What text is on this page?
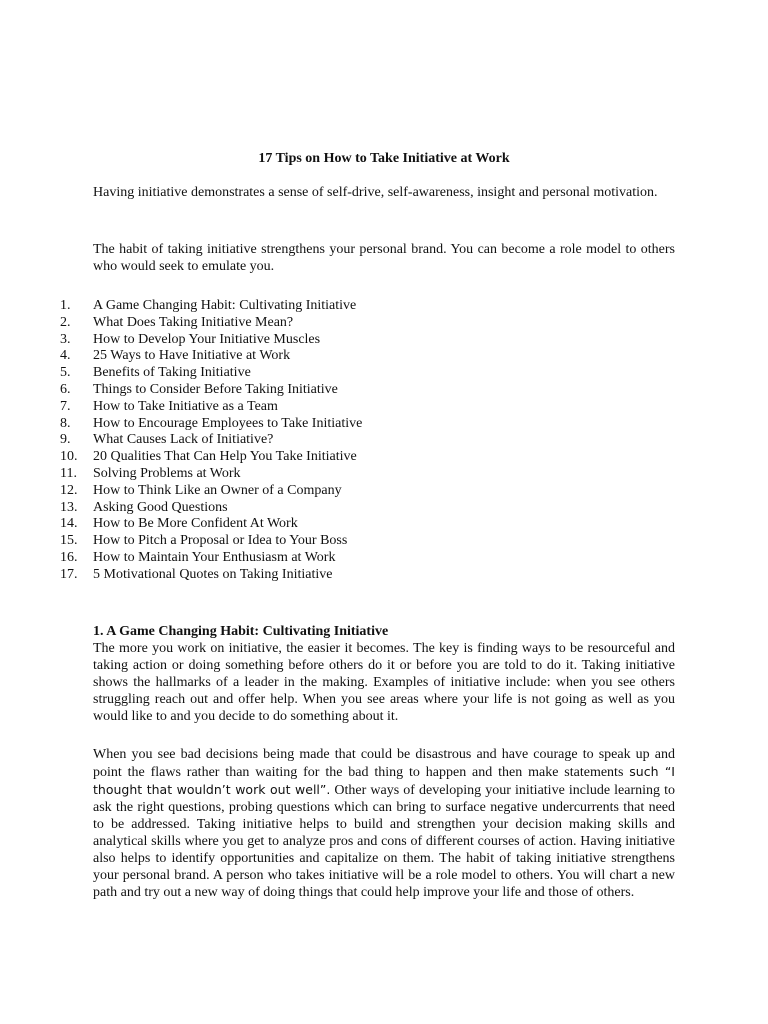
17 Tips on How to Take Initiative at Work

Having initiative demonstrates a sense of self-drive, self-awareness, insight and personal motivation.

The habit of taking initiative strengthens your personal brand. You can become a role model to others who would seek to emulate you.

1.	A Game Changing Habit: Cultivating Initiative
2.	What Does Taking Initiative Mean?
3.	How to Develop Your Initiative Muscles
4.	25 Ways to Have Initiative at Work
5.	Benefits of Taking Initiative
6.	Things to Consider Before Taking Initiative
7.	How to Take Initiative as a Team
8.	How to Encourage Employees to Take Initiative
9.	What Causes Lack of Initiative?
10.	20 Qualities That Can Help You Take Initiative
11.	Solving Problems at Work
12.	How to Think Like an Owner of a Company
13.	Asking Good Questions
14.	How to Be More Confident At Work
15.	How to Pitch a Proposal or Idea to Your Boss
16.	How to Maintain Your Enthusiasm at Work
17.	5 Motivational Quotes on Taking Initiative
1. A Game Changing Habit: Cultivating Initiative

The more you work on initiative, the easier it becomes. The key is finding ways to be resourceful and taking action or doing something before others do it or before you are told to do it. Taking initiative shows the hallmarks of a leader in the making. Examples of initiative include: when you see others struggling reach out and offer help. When you see areas where your life is not going as well as you would like to and you decide to do something about it.

When you see bad decisions being made that could be disastrous and have courage to speak up and point the flaws rather than waiting for the bad thing to happen and then make statements such “I thought that wouldn’t work out well”. Other ways of developing your initiative include learning to ask the right questions, probing questions which can bring to surface negative undercurrents that need to be addressed. Taking initiative helps to build and strengthen your decision making skills and analytical skills where you get to analyze pros and cons of different courses of action. Having initiative also helps to identify opportunities and capitalize on them. The habit of taking initiative strengthens your personal brand. A person who takes initiative will be a role model to others. You will chart a new path and try out a new way of doing things that could help improve your life and those of others.
